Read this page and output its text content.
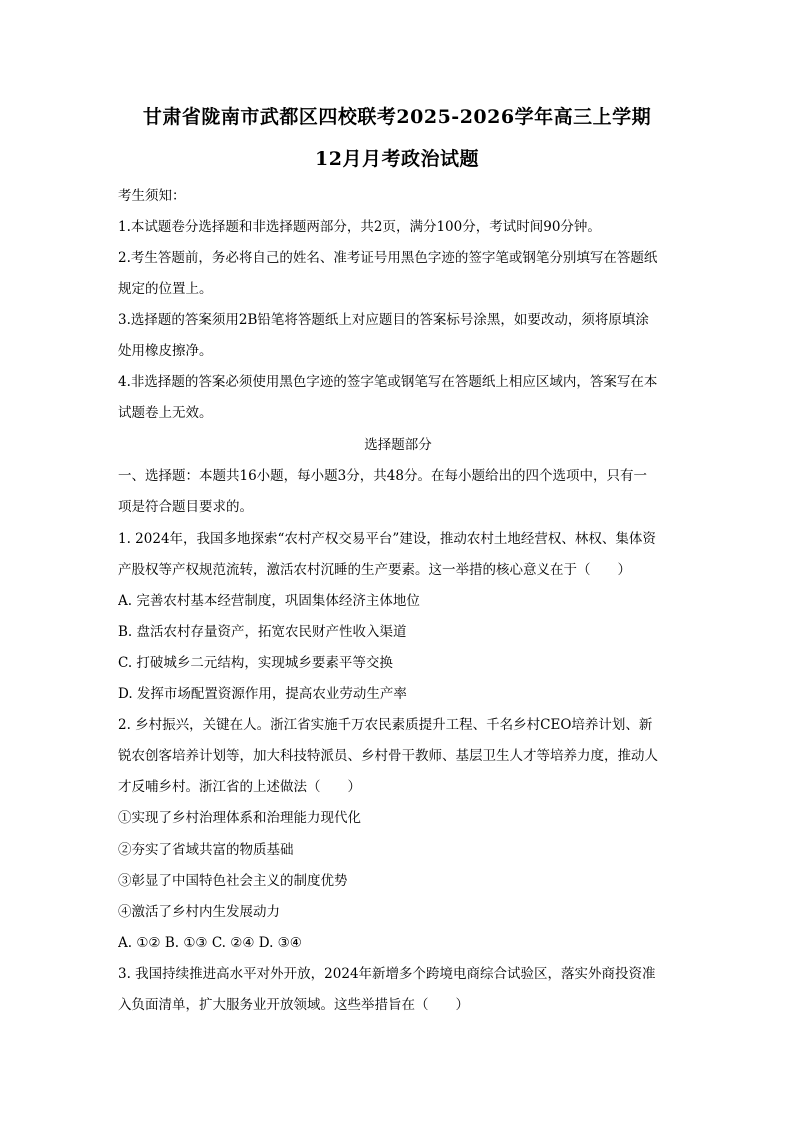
甘肃省陇南市武都区四校联考2025-2026学年高三上学期
12月月考政治试题
考生须知：
1.本试题卷分选择题和非选择题两部分，共2页，满分100分，考试时间90分钟。
2.考生答题前，务必将自己的姓名、准考证号用黑色字迹的签字笔或钢笔分别填写在答题纸
规定的位置上。
3.选择题的答案须用2B铅笔将答题纸上对应题目的答案标号涂黑，如要改动，须将原填涂
处用橡皮擦净。
4.非选择题的答案必须使用黑色字迹的签字笔或钢笔写在答题纸上相应区域内，答案写在本
试题卷上无效。
选择题部分
一、选择题：本题共16小题，每小题3分，共48分。在每小题给出的四个选项中，只有一
项是符合题目要求的。
1. 2024年，我国多地探索“农村产权交易平台”建设，推动农村土地经营权、林权、集体资
产股权等产权规范流转，激活农村沉睡的生产要素。这一举措的核心意义在于（　　）
A. 完善农村基本经营制度，巩固集体经济主体地位
B. 盘活农村存量资产，拓宽农民财产性收入渠道
C. 打破城乡二元结构，实现城乡要素平等交换
D. 发挥市场配置资源作用，提高农业劳动生产率
2. 乡村振兴，关键在人。浙江省实施千万农民素质提升工程、千名乡村CEO培养计划、新
锐农创客培养计划等，加大科技特派员、乡村骨干教师、基层卫生人才等培养力度，推动人
才反哺乡村。浙江省的上述做法（　　）
①实现了乡村治理体系和治理能力现代化
②夯实了省域共富的物质基础
③彰显了中国特色社会主义的制度优势
④激活了乡村内生发展动力
A. ①② B. ①③ C. ②④ D. ③④
3. 我国持续推进高水平对外开放，2024年新增多个跨境电商综合试验区，落实外商投资准
入负面清单，扩大服务业开放领域。这些举措旨在（　　）
